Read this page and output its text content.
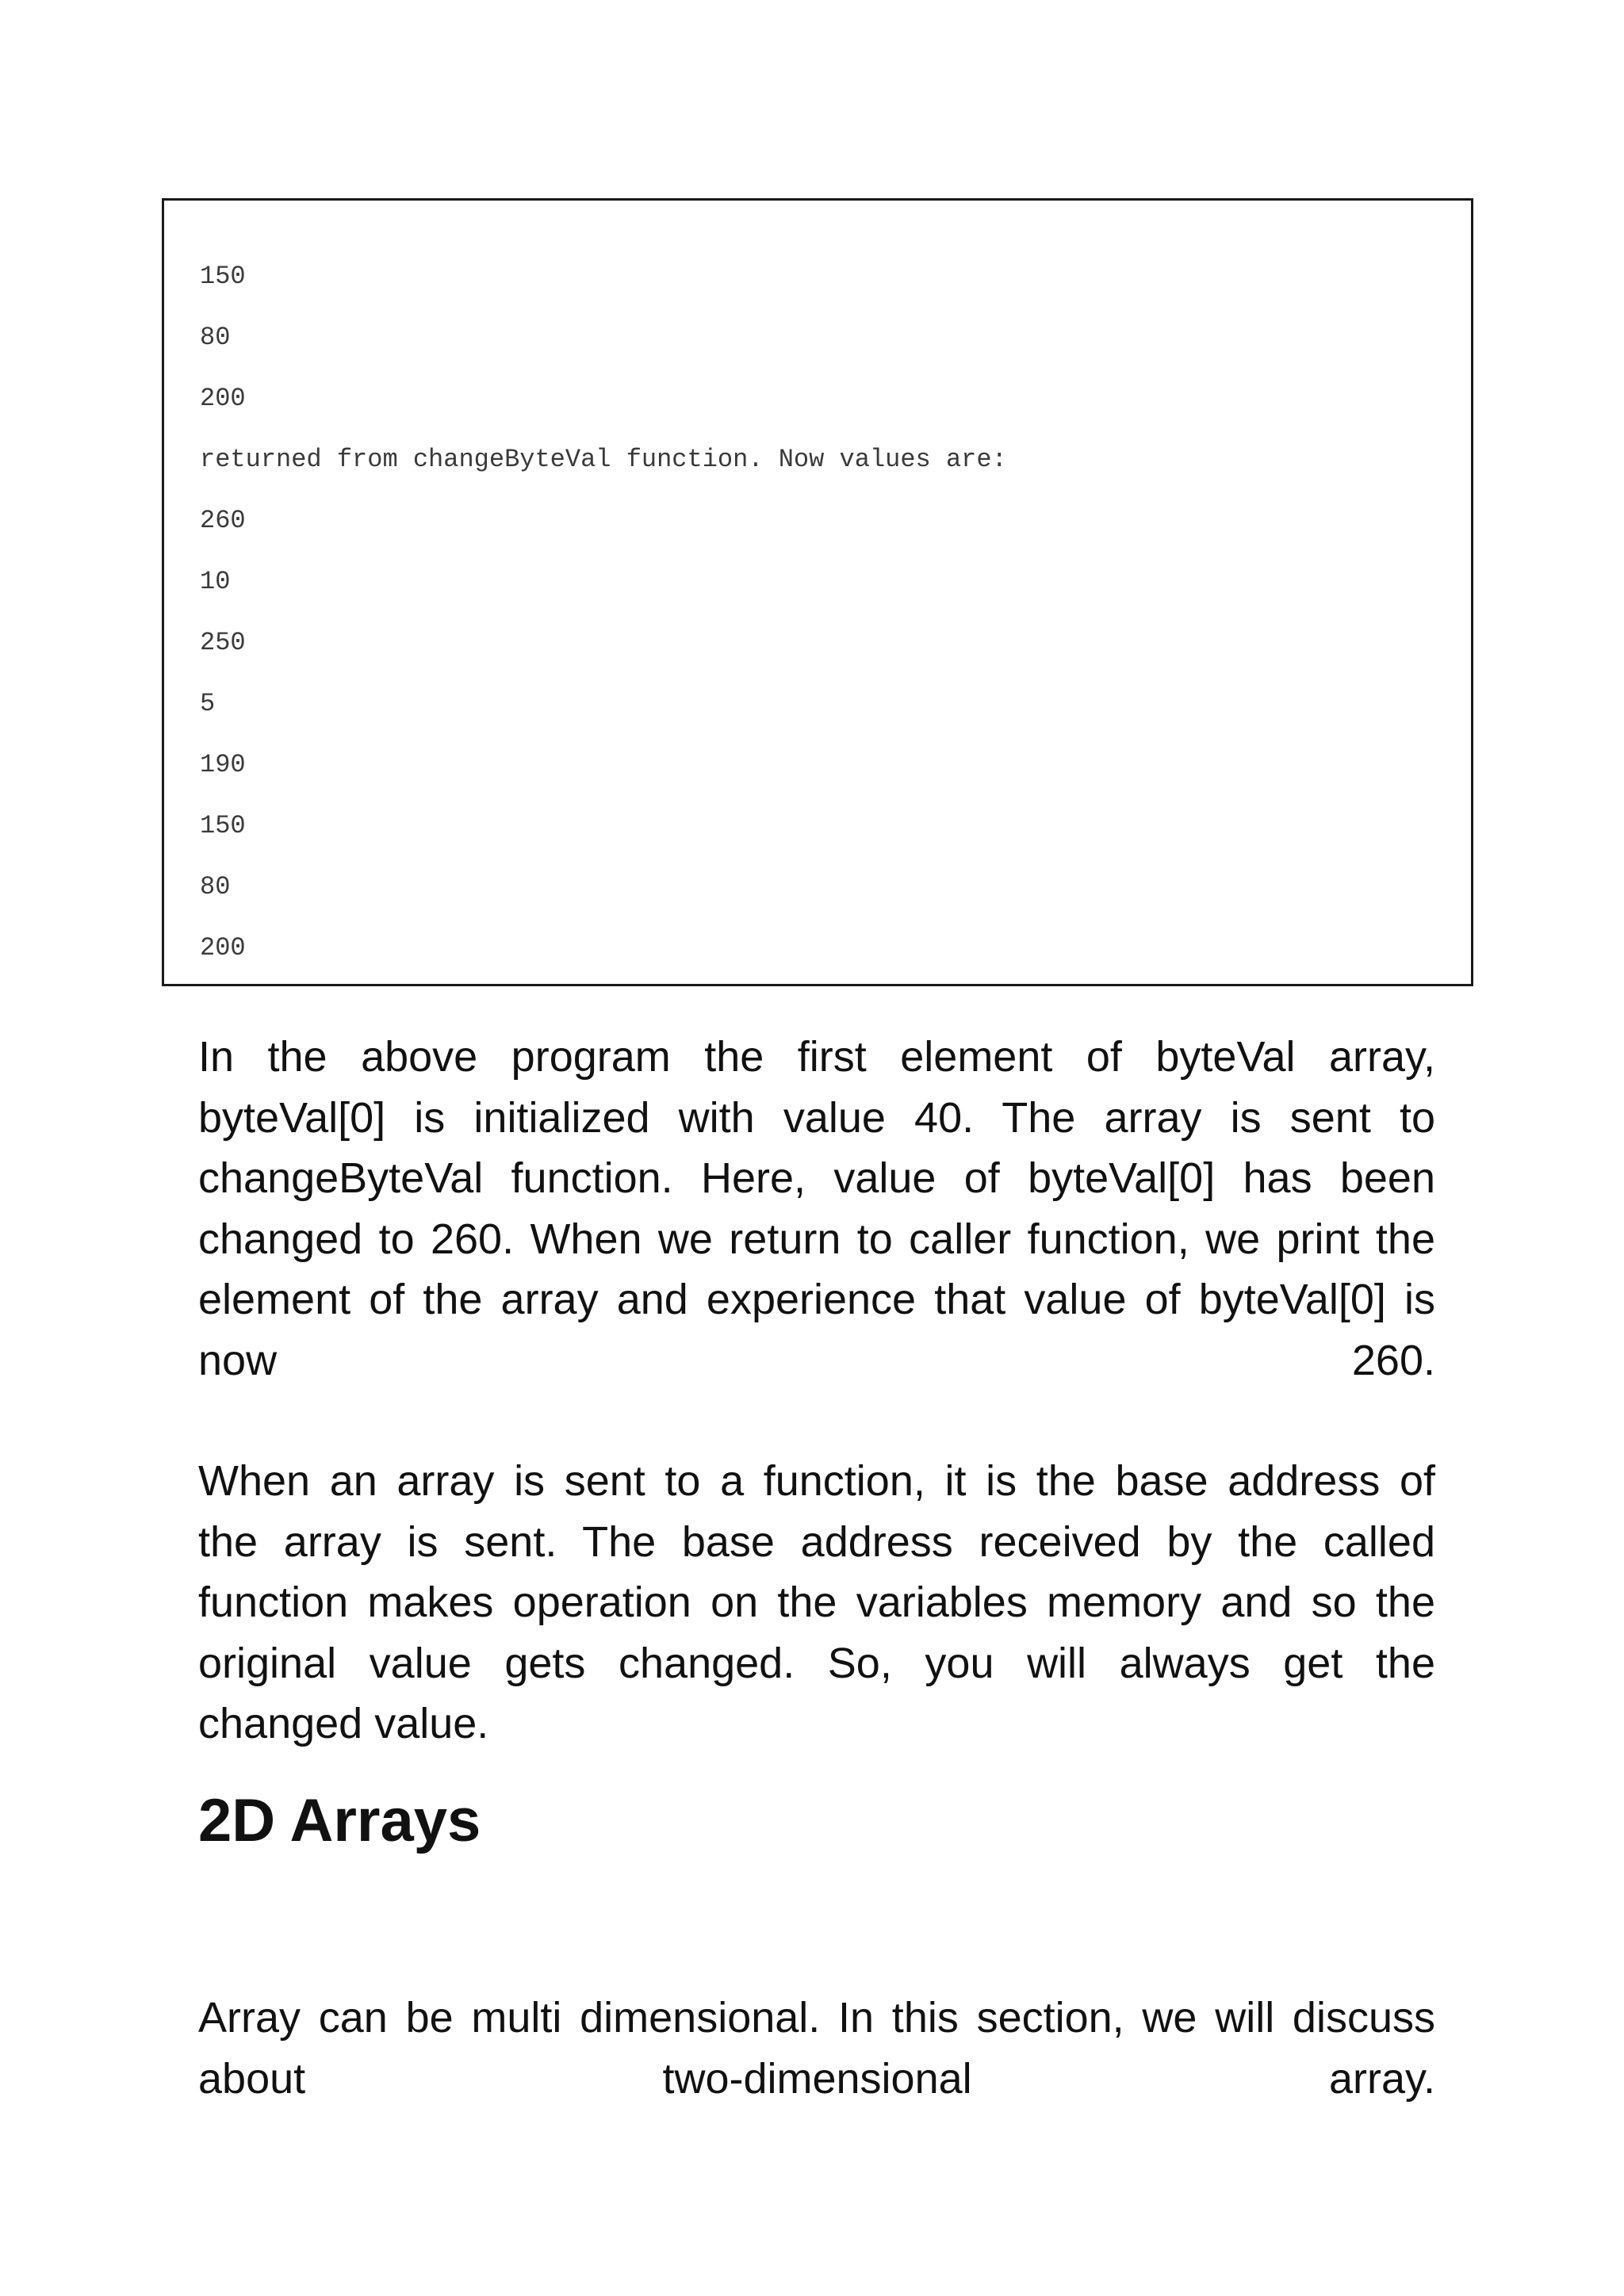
150
80
200
returned from changeByteVal function. Now values are:
260
10
250
5
190
150
80
200
In the above program the first element of byteVal array,
byteVal[0] is initialized with value 40. The array is sent to
changeByteVal function. Here, value of byteVal[0] has been
changed to 260. When we return to caller function, we print the
element of the array and experience that value of byteVal[0] is
now 260.
When an array is sent to a function, it is the base address of
the array is sent. The base address received by the called
function makes operation on the variables memory and so the
original value gets changed. So, you will always get the
changed value.
2D Arrays
Array can be multi dimensional. In this section, we will discuss
about two-dimensional array.
